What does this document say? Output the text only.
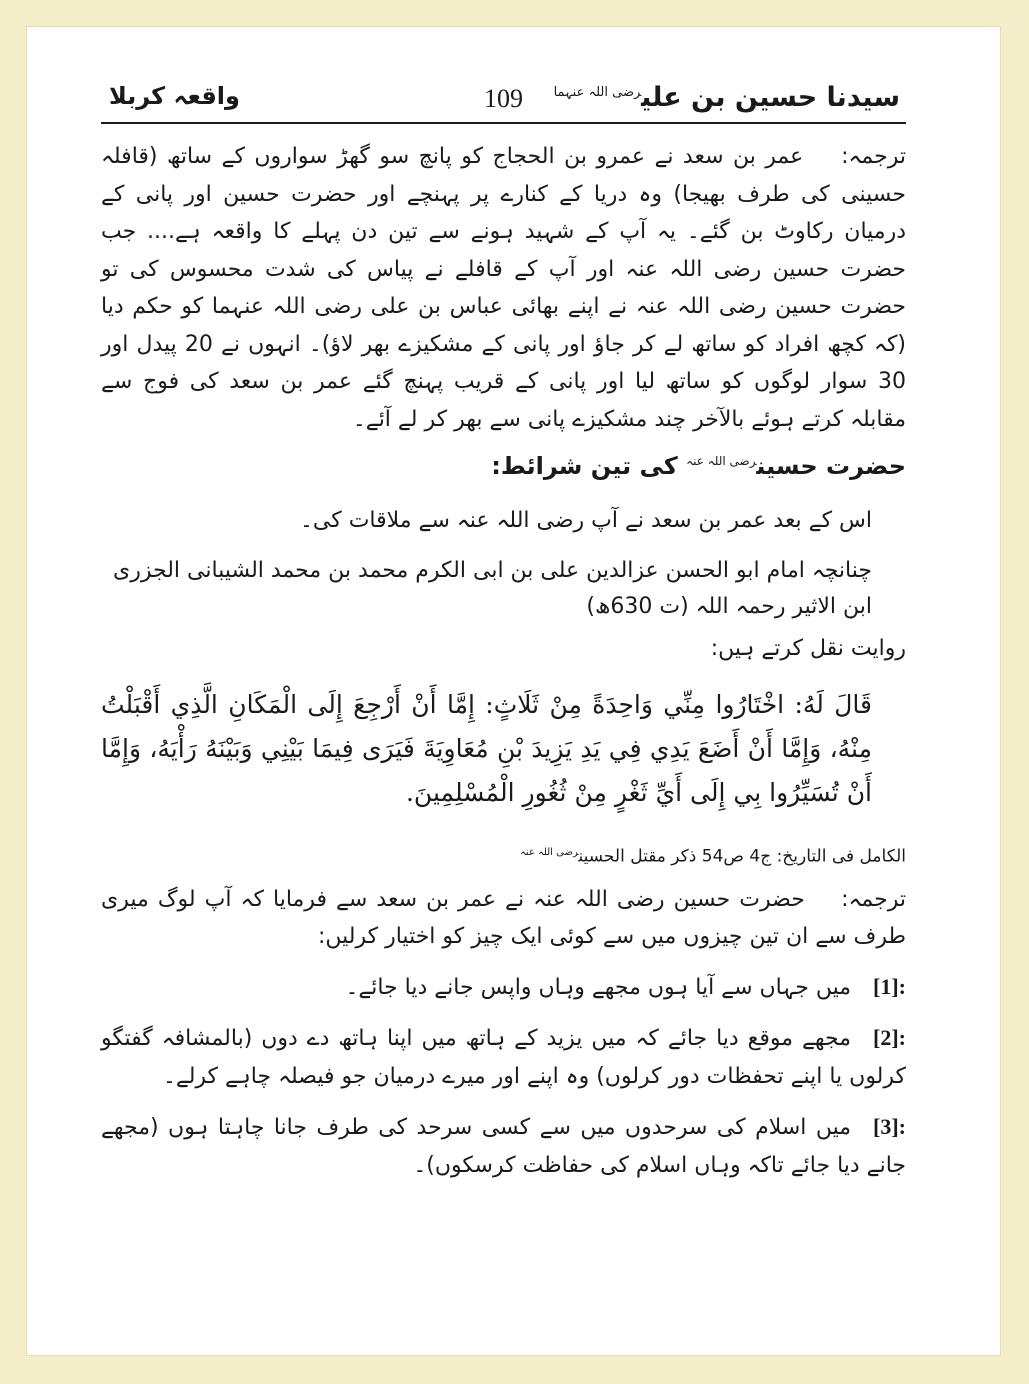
سیدنا حسین بن علی$^{رضی اللہ عنہما}$
109
واقعہ کربلا

ترجمہ:    عمر بن سعد نے عمرو بن الحجاج کو پانچ سو گھڑ سواروں کے ساتھ (قافلہ حسینی کی طرف بھیجا) وہ دریا کے کنارے پر پہنچے اور حضرت حسین اور پانی کے درمیان رکاوٹ بن گئے۔ یہ آپ کے شہید ہونے سے تین دن پہلے کا واقعہ ہے.... جب حضرت حسین رضی اللہ عنہ اور آپ کے قافلے نے پیاس کی شدت محسوس کی تو حضرت حسین رضی اللہ عنہ نے اپنے بھائی عباس بن علی رضی اللہ عنہما کو حکم دیا (کہ کچھ افراد کو ساتھ لے کر جاؤ اور پانی کے مشکیزے بھر لاؤ)۔ انہوں نے 20 پیدل اور 30 سوار لوگوں کو ساتھ لیا اور پانی کے قریب پہنچ گئے عمر بن سعد کی فوج سے مقابلہ کرتے ہوئے بالآخر چند مشکیزے پانی سے بھر کر لے آئے۔

حضرت حسین$^{رضی اللہ عنہ}$ کی تین شرائط:

اس کے بعد عمر بن سعد نے آپ رضی اللہ عنہ سے ملاقات کی۔

چنانچہ امام ابو الحسن عزالدین علی بن ابی الکرم محمد بن محمد الشیبانی الجزری ابن الاثیر رحمہ اللہ (ت 630ھ)

روایت نقل کرتے ہیں:

قَالَ لَهُ: اخْتَارُوا مِنِّي وَاحِدَةً مِنْ ثَلَاثٍ: إِمَّا أَنْ أَرْجِعَ إِلَى الْمَكَانِ الَّذِي أَقْبَلْتُ مِنْهُ، وَإِمَّا أَنْ أَضَعَ يَدِي فِي يَدِ يَزِيدَ بْنِ مُعَاوِيَةَ فَيَرَى فِيمَا بَيْنِي وَبَيْنَهُ رَأْيَهُ، وَإِمَّا أَنْ تُسَيِّرُوا بِي إِلَى أَيِّ ثَغْرٍ مِنْ ثُغُورِ الْمُسْلِمِينَ.

الکامل فی التاریخ: ج4 ص54 ذکر مقتل الحسین$^{رضی اللہ عنہ}$

ترجمہ:    حضرت حسین رضی اللہ عنہ نے عمر بن سعد سے فرمایا کہ آپ لوگ میری طرف سے ان تین چیزوں میں سے کوئی ایک چیز کو اختیار کرلیں:

[1]:میں جہاں سے آیا ہوں مجھے وہاں واپس جانے دیا جائے۔

[2]:مجھے موقع دیا جائے کہ میں یزید کے ہاتھ میں اپنا ہاتھ دے دوں (بالمشافہ گفتگو کرلوں یا اپنے تحفظات دور کرلوں) وہ اپنے اور میرے درمیان جو فیصلہ چاہے کرلے۔

[3]:میں اسلام کی سرحدوں میں سے کسی سرحد کی طرف جانا چاہتا ہوں (مجھے جانے دیا جائے تاکہ وہاں اسلام کی حفاظت کرسکوں)۔
